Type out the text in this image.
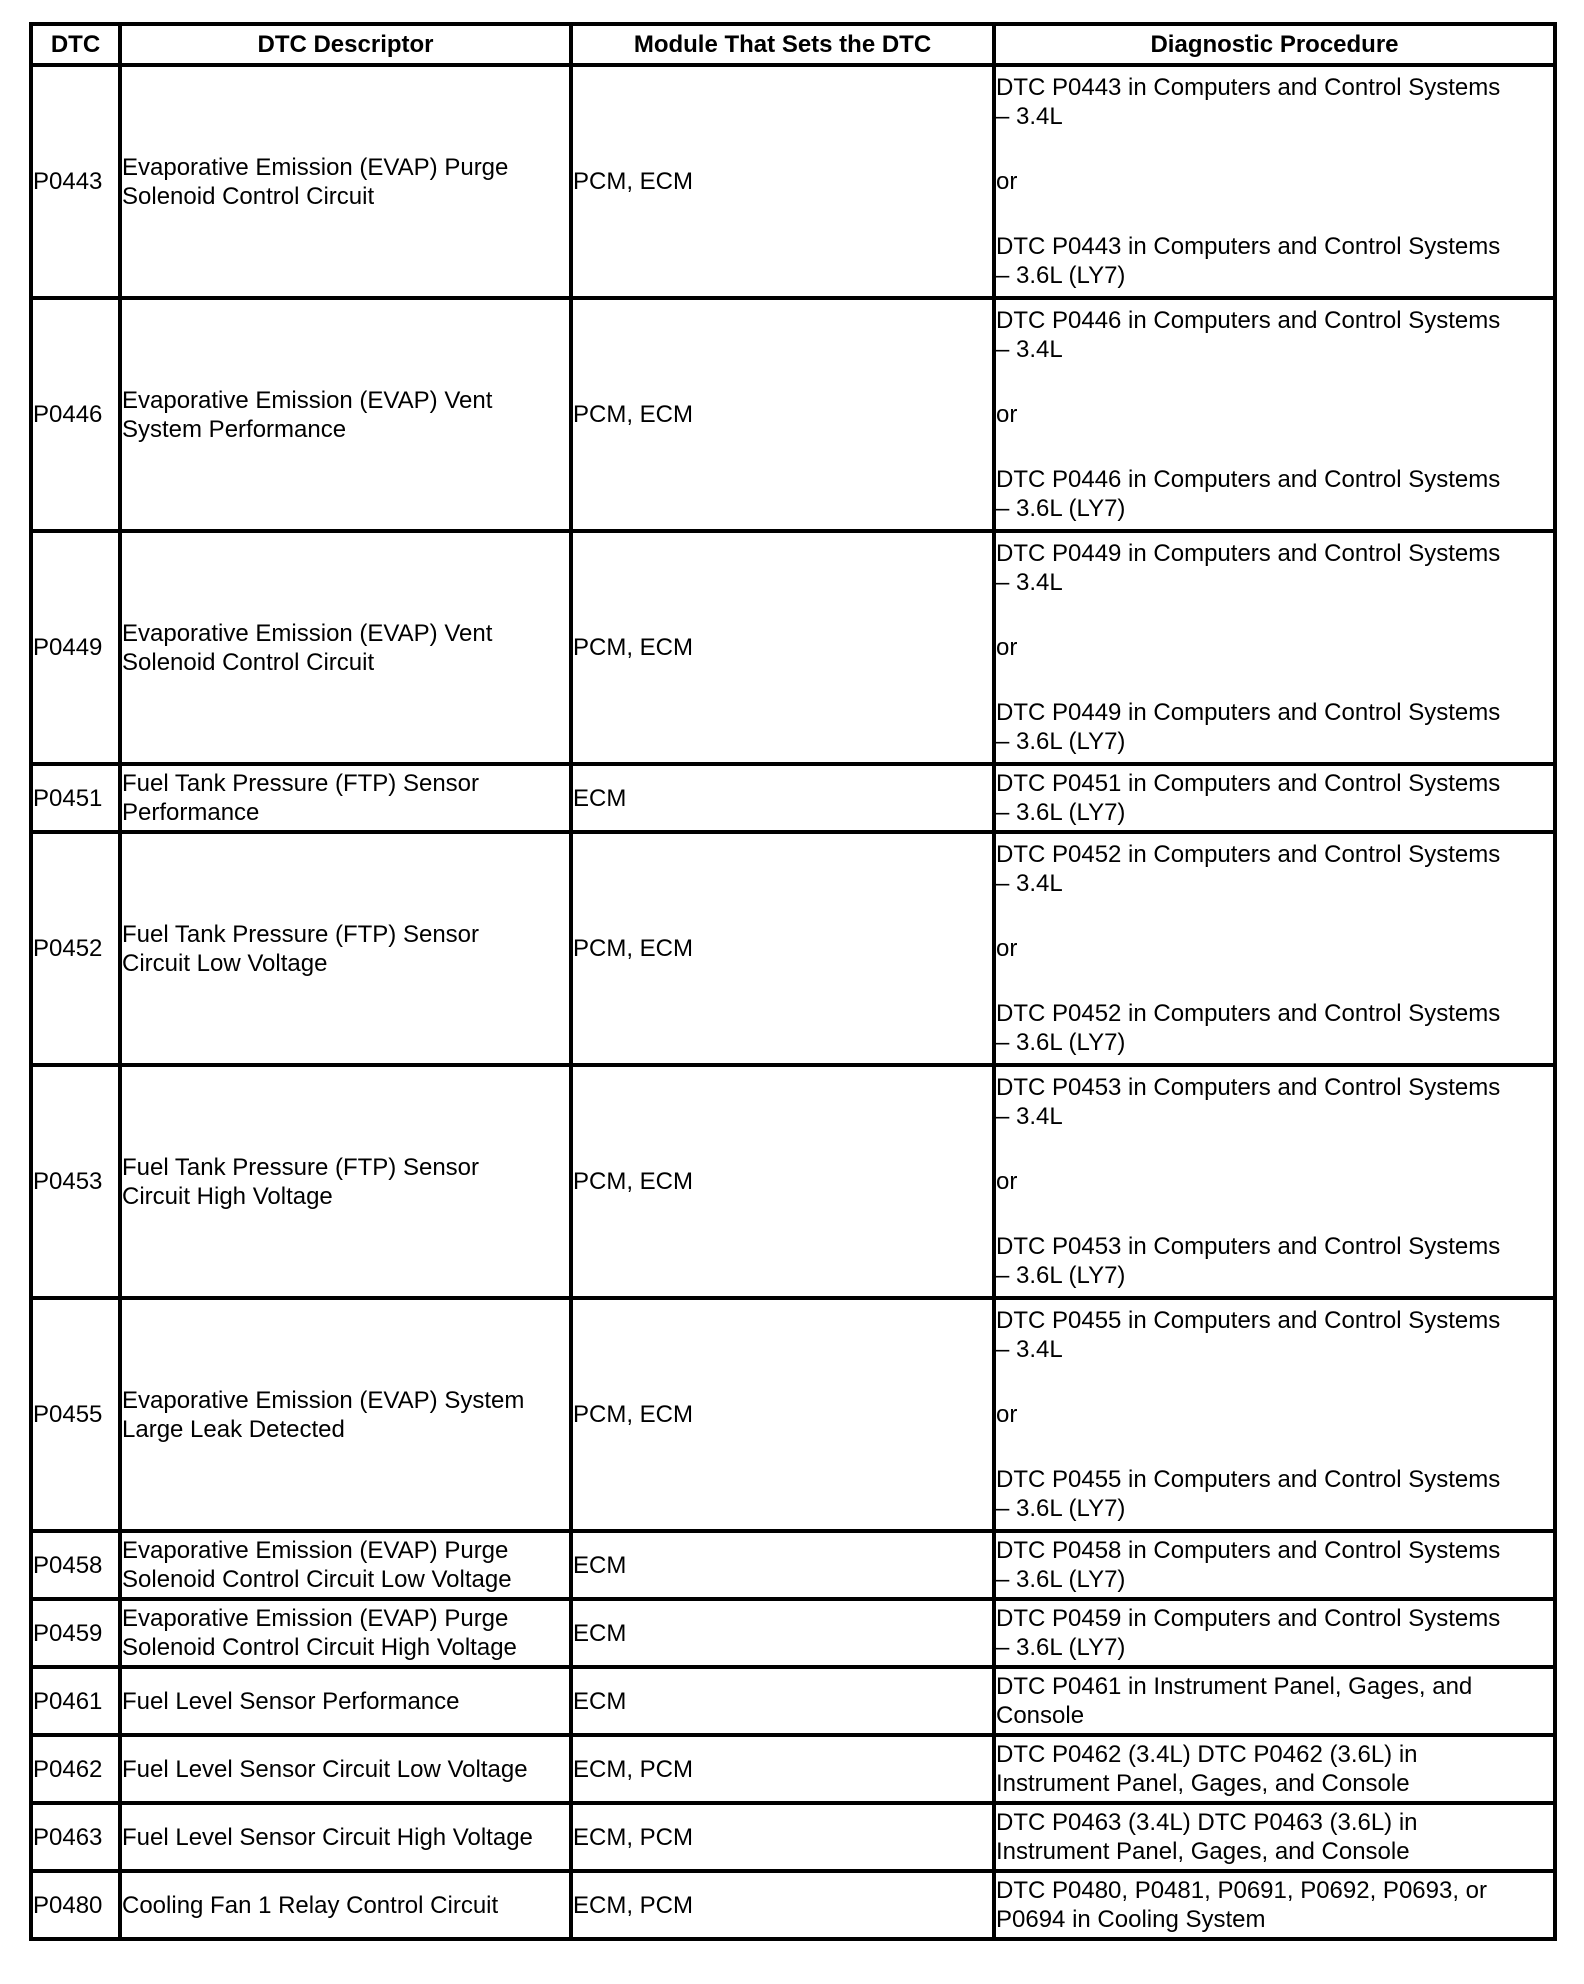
DTC	DTC Descriptor	Module That Sets the DTC	Diagnostic Procedure
P0443	Evaporative Emission (EVAP) Purge
Solenoid Control Circuit	PCM, ECM	DTC P0443 in Computers and Control Systems
– 3.4L
or
DTC P0443 in Computers and Control Systems
– 3.6L (LY7)

P0446	Evaporative Emission (EVAP) Vent
System Performance	PCM, ECM	DTC P0446 in Computers and Control Systems
– 3.4L
or
DTC P0446 in Computers and Control Systems
– 3.6L (LY7)

P0449	Evaporative Emission (EVAP) Vent
Solenoid Control Circuit	PCM, ECM	DTC P0449 in Computers and Control Systems
– 3.4L
or
DTC P0449 in Computers and Control Systems
– 3.6L (LY7)

P0451	Fuel Tank Pressure (FTP) Sensor
Performance	ECM	DTC P0451 in Computers and Control Systems
– 3.6L (LY7)

P0452	Fuel Tank Pressure (FTP) Sensor
Circuit Low Voltage	PCM, ECM	DTC P0452 in Computers and Control Systems
– 3.4L
or
DTC P0452 in Computers and Control Systems
– 3.6L (LY7)

P0453	Fuel Tank Pressure (FTP) Sensor
Circuit High Voltage	PCM, ECM	DTC P0453 in Computers and Control Systems
– 3.4L
or
DTC P0453 in Computers and Control Systems
– 3.6L (LY7)

P0455	Evaporative Emission (EVAP) System
Large Leak Detected	PCM, ECM	DTC P0455 in Computers and Control Systems
– 3.4L
or
DTC P0455 in Computers and Control Systems
– 3.6L (LY7)

P0458	Evaporative Emission (EVAP) Purge
Solenoid Control Circuit Low Voltage	ECM	DTC P0458 in Computers and Control Systems
– 3.6L (LY7)

P0459	Evaporative Emission (EVAP) Purge
Solenoid Control Circuit High Voltage	ECM	DTC P0459 in Computers and Control Systems
– 3.6L (LY7)

P0461	Fuel Level Sensor Performance	ECM	DTC P0461 in Instrument Panel, Gages, and
Console

P0462	Fuel Level Sensor Circuit Low Voltage	ECM, PCM	DTC P0462 (3.4L) DTC P0462 (3.6L) in
Instrument Panel, Gages, and Console

P0463	Fuel Level Sensor Circuit High Voltage	ECM, PCM	DTC P0463 (3.4L) DTC P0463 (3.6L) in
Instrument Panel, Gages, and Console

P0480	Cooling Fan 1 Relay Control Circuit	ECM, PCM	DTC P0480, P0481, P0691, P0692, P0693, or
P0694 in Cooling System
